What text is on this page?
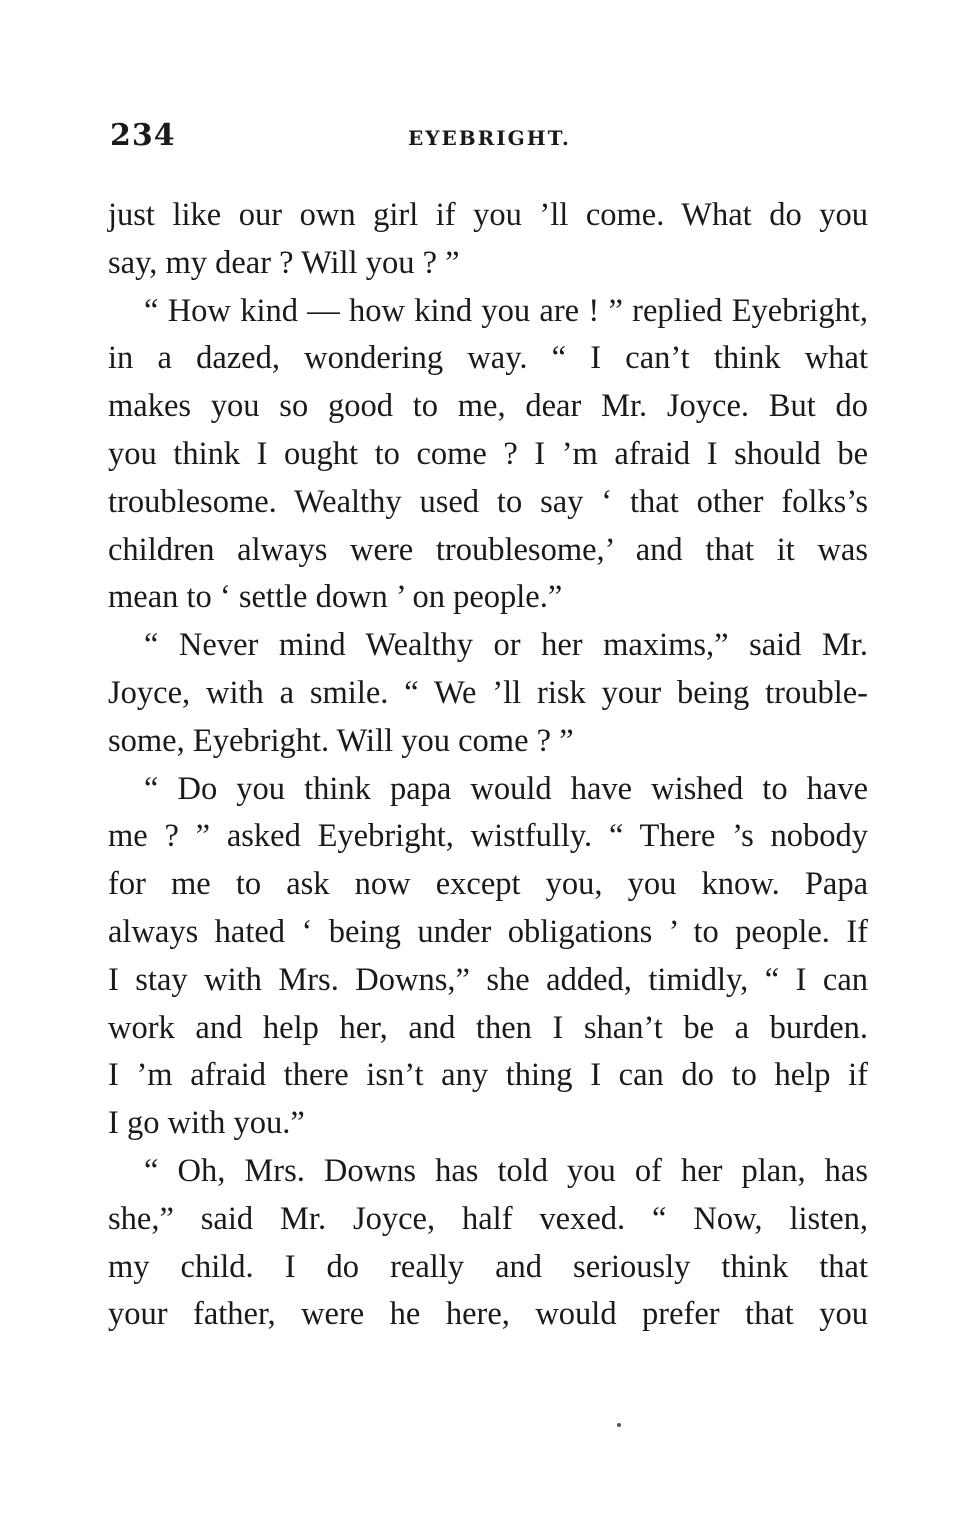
234	EYEBRIGHT.
just like our own girl if you ’ll come. What do you
say, my dear ? Will you ? ”
“ How kind — how kind you are ! ” replied Eyebright,
in a dazed, wondering way. “ I can’t think what
makes you so good to me, dear Mr. Joyce. But do
you think I ought to come ? I ’m afraid I should be
troublesome. Wealthy used to say ‘ that other folks’s
children always were troublesome,’ and that it was
mean to ‘ settle down ’ on people.”
“ Never mind Wealthy or her maxims,” said Mr.
Joyce, with a smile. “ We ’ll risk your being trouble-
some, Eyebright. Will you come ? ”
“ Do you think papa would have wished to have
me ? ” asked Eyebright, wistfully. “ There ’s nobody
for me to ask now except you, you know. Papa
always hated ‘ being under obligations ’ to people. If
I stay with Mrs. Downs,” she added, timidly, “ I can
work and help her, and then I shan’t be a burden.
I ’m afraid there isn’t any thing I can do to help if
I go with you.”
“ Oh, Mrs. Downs has told you of her plan, has
she,” said Mr. Joyce, half vexed. “ Now, listen,
my child. I do really and seriously think that
your father, were he here, would prefer that you
